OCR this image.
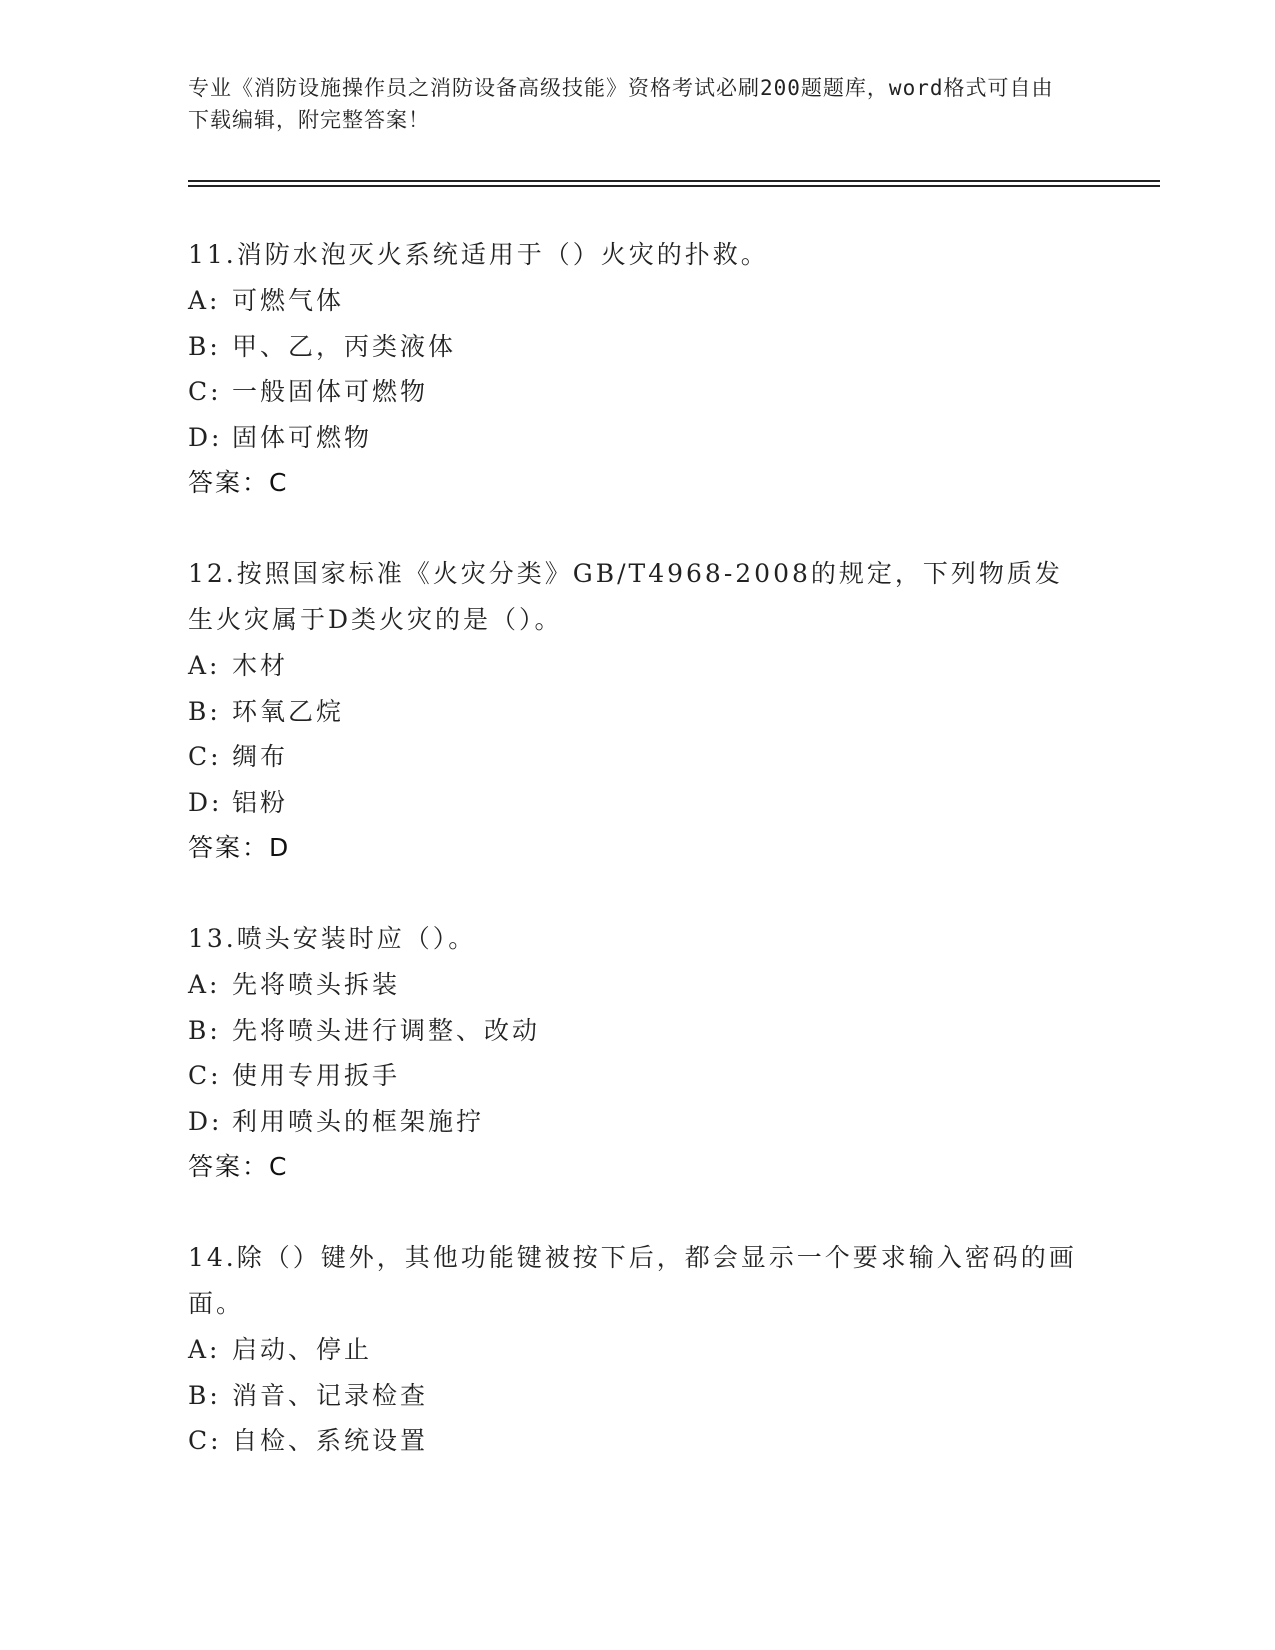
专业《消防设施操作员之消防设备高级技能》资格考试必刷200题题库，word格式可自由下载编辑，附完整答案！
11.消防水泡灭火系统适用于（）火灾的扑救。
A: 可燃气体
B: 甲、乙，丙类液体
C: 一般固体可燃物
D: 固体可燃物
答案：C
12.按照国家标准《火灾分类》GB/T4968-2008的规定，下列物质发生火灾属于D类火灾的是（）。
A: 木材
B: 环氧乙烷
C: 绸布
D: 铝粉
答案：D
13.喷头安装时应（）。
A: 先将喷头拆装
B: 先将喷头进行调整、改动
C: 使用专用扳手
D: 利用喷头的框架施拧
答案：C
14.除（）键外，其他功能键被按下后，都会显示一个要求输入密码的画面。
A: 启动、停止
B: 消音、记录检查
C: 自检、系统设置
